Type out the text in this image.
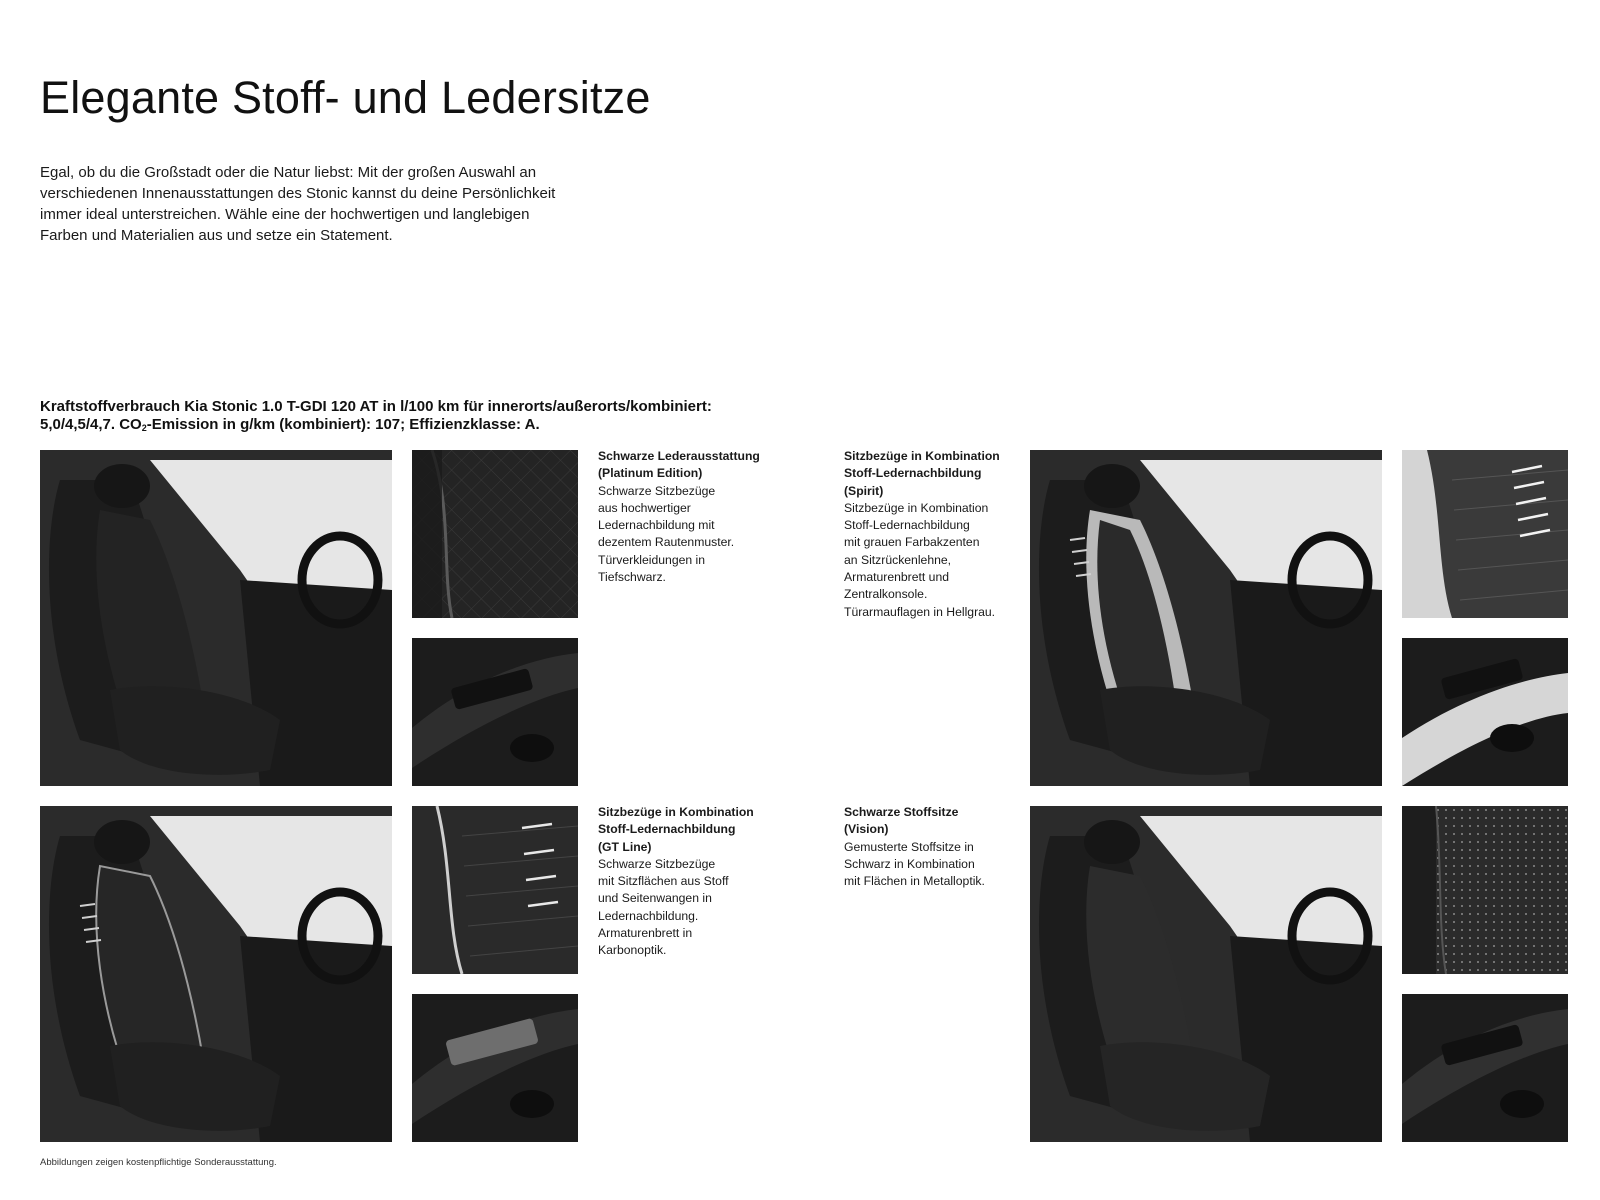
Elegante Stoff- und Ledersitze

Egal, ob du die Großstadt oder die Natur liebst: Mit der großen Auswahl an verschiedenen Innenausstattungen des Stonic kannst du deine Persönlichkeit immer ideal unterstreichen. Wähle eine der hochwertigen und langlebigen Farben und Materialien aus und setze ein Statement.

Kraftstoffverbrauch Kia Stonic 1.0 T-GDI 120 AT in l/100 km für innerorts/außerorts/kombiniert:
5,0/4,5/4,7. $CO_2$-Emission in g/km (kombiniert): 107; Effizienzklasse: A.

Schwarze Lederausstattung
(Platinum Edition)
Schwarze Sitzbezüge
aus hochwertiger
Ledernachbildung mit
dezentem Rautenmuster.
Türverkleidungen in
Tiefschwarz.
Sitzbezüge in Kombination
Stoff-Ledernachbildung
(Spirit)
Sitzbezüge in Kombination
Stoff-Ledernachbildung
mit grauen Farbakzenten
an Sitzrückenlehne,
Armaturenbrett und
Zentralkonsole.
Türarmauflagen in Hellgrau.
Sitzbezüge in Kombination
Stoff-Ledernachbildung
(GT Line)
Schwarze Sitzbezüge
mit Sitzflächen aus Stoff
und Seitenwangen in
Ledernachbildung.
Armaturenbrett in
Karbonoptik.
Schwarze Stoffsitze
(Vision)
Gemusterte Stoffsitze in
Schwarz in Kombination
mit Flächen in Metalloptik.

Abbildungen zeigen kostenpflichtige Sonderausstattung.
